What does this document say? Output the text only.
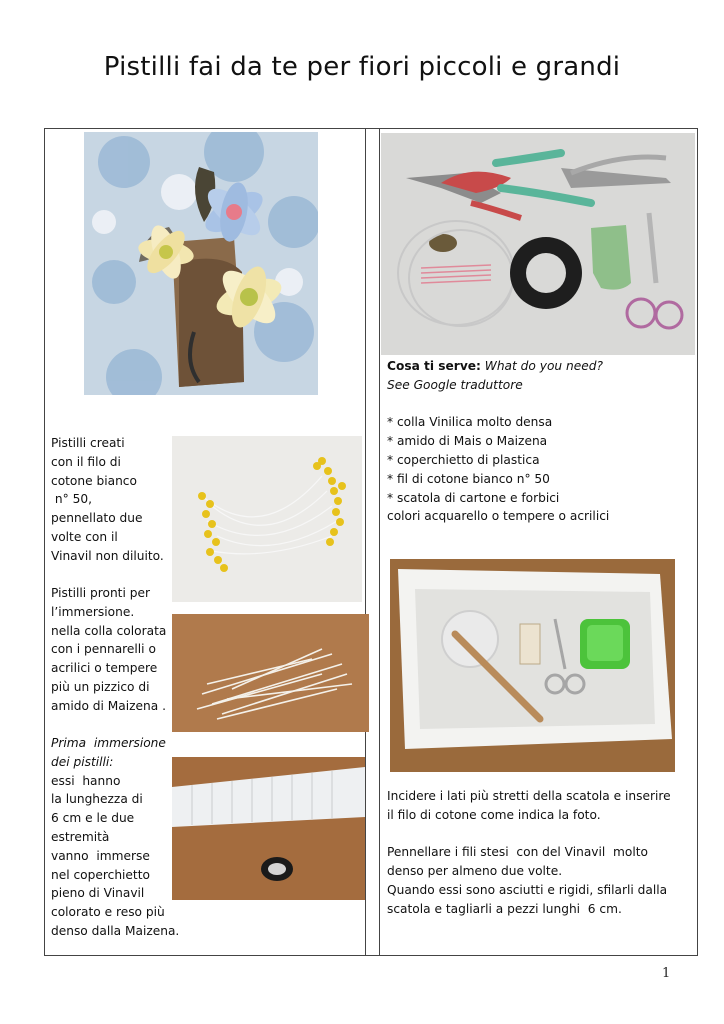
Pistilli fai da te per fiori piccoli e grandi
Pistilli creati
con il filo di
cotone bianco
n° 50,
pennellato due
volte con il
Vinavil non diluito.
Pistilli pronti per
l’immersione.
nella colla colorata
con i pennarelli o
acrilici o tempere
più un pizzico di
amido di Maizena .
Prima  immersione
dei pistilli:
essi  hanno
la lunghezza di
6 cm e le due
estremità
vanno  immerse
nel coperchietto
pieno di Vinavil
colorato e reso più
denso dalla Maizena.
Cosa ti serve: What do you need?
See Google traduttore
* colla Vinilica molto densa
* amido di Mais o Maizena
* coperchietto di plastica
* fil di cotone bianco n° 50
* scatola di cartone e forbici
colori acquarello o tempere o acrilici
Incidere i lati più stretti della scatola e inserire
il filo di cotone come indica la foto.
Pennellare i fili stesi  con del Vinavil  molto
denso per almeno due volte.
Quando essi sono asciutti e rigidi, sfilarli dalla
scatola e tagliarli a pezzi lunghi  6 cm.
1
